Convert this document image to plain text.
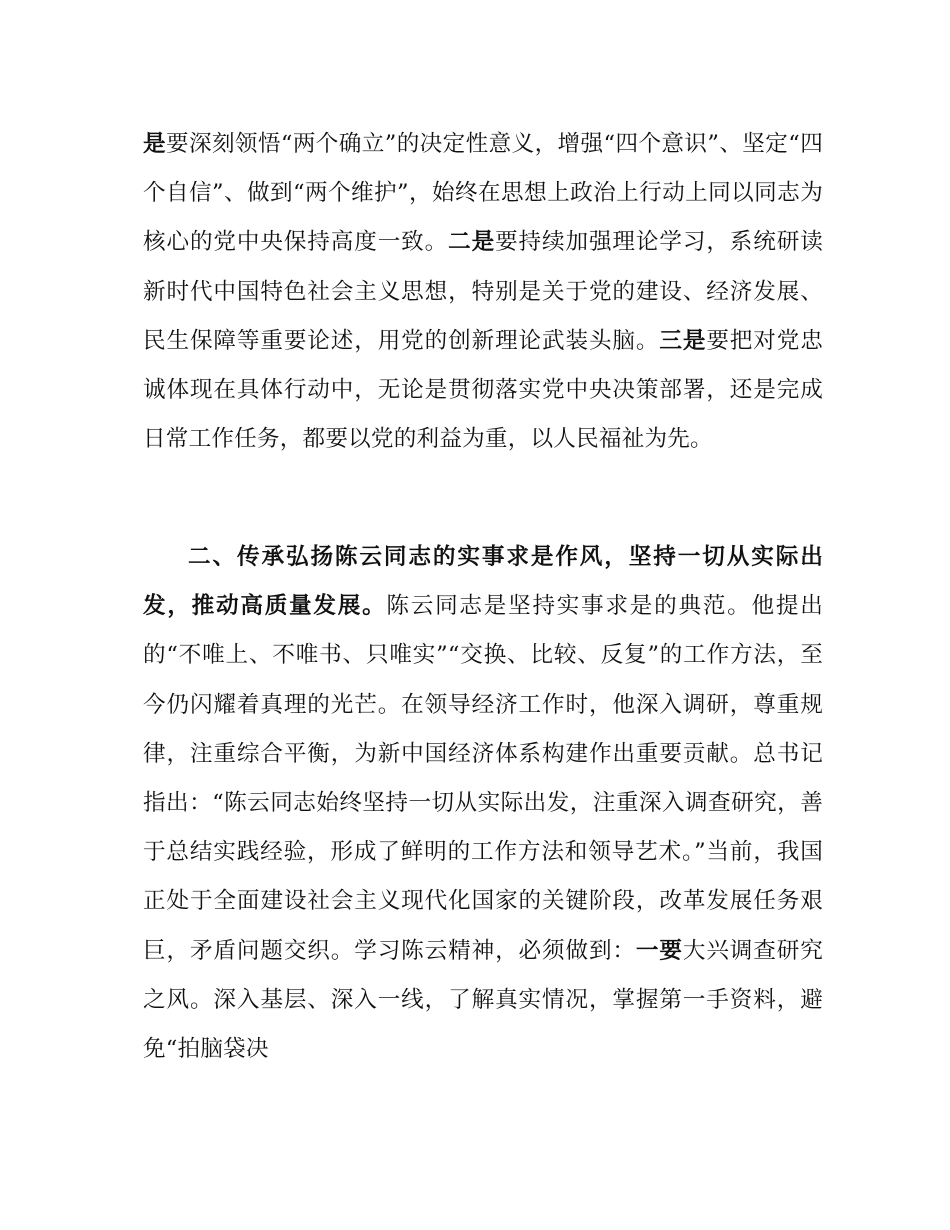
是要深刻领悟“两个确立”的决定性意义，增强“四个意识”、坚定“四个自信”、做到“两个维护”，始终在思想上政治上行动上同以同志为核心的党中央保持高度一致。二是要持续加强理论学习，系统研读新时代中国特色社会主义思想，特别是关于党的建设、经济发展、民生保障等重要论述，用党的创新理论武装头脑。三是要把对党忠诚体现在具体行动中，无论是贯彻落实党中央决策部署，还是完成日常工作任务，都要以党的利益为重，以人民福祉为先。

二、传承弘扬陈云同志的实事求是作风，坚持一切从实际出发，推动高质量发展。陈云同志是坚持实事求是的典范。他提出的“不唯上、不唯书、只唯实”“交换、比较、反复”的工作方法，至今仍闪耀着真理的光芒。在领导经济工作时，他深入调研，尊重规律，注重综合平衡，为新中国经济体系构建作出重要贡献。总书记指出：“陈云同志始终坚持一切从实际出发，注重深入调查研究，善于总结实践经验，形成了鲜明的工作方法和领导艺术。”当前，我国正处于全面建设社会主义现代化国家的关键阶段，改革发展任务艰巨，矛盾问题交织。学习陈云精神，必须做到：一要大兴调查研究之风。深入基层、深入一线，了解真实情况，掌握第一手资料，避免“拍脑袋决
